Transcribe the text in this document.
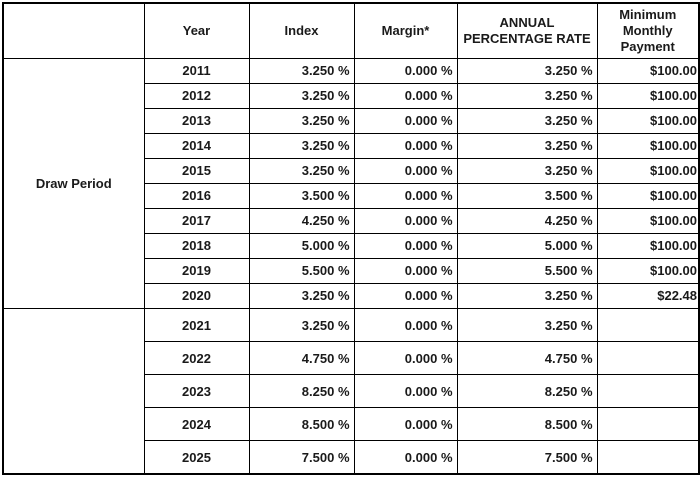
	Year	Index	Margin*	ANNUAL PERCENTAGE RATE	Minimum Monthly Payment
Draw Period	2011	3.250 %	0.000 %	3.250 %	$100.00
	2012	3.250 %	0.000 %	3.250 %	$100.00
	2013	3.250 %	0.000 %	3.250 %	$100.00
	2014	3.250 %	0.000 %	3.250 %	$100.00
	2015	3.250 %	0.000 %	3.250 %	$100.00
	2016	3.500 %	0.000 %	3.500 %	$100.00
	2017	4.250 %	0.000 %	4.250 %	$100.00
	2018	5.000 %	0.000 %	5.000 %	$100.00
	2019	5.500 %	0.000 %	5.500 %	$100.00
	2020	3.250 %	0.000 %	3.250 %	$22.48
	2021	3.250 %	0.000 %	3.250 %	
	2022	4.750 %	0.000 %	4.750 %	
	2023	8.250 %	0.000 %	8.250 %	
	2024	8.500 %	0.000 %	8.500 %	
	2025	7.500 %	0.000 %	7.500 %	
